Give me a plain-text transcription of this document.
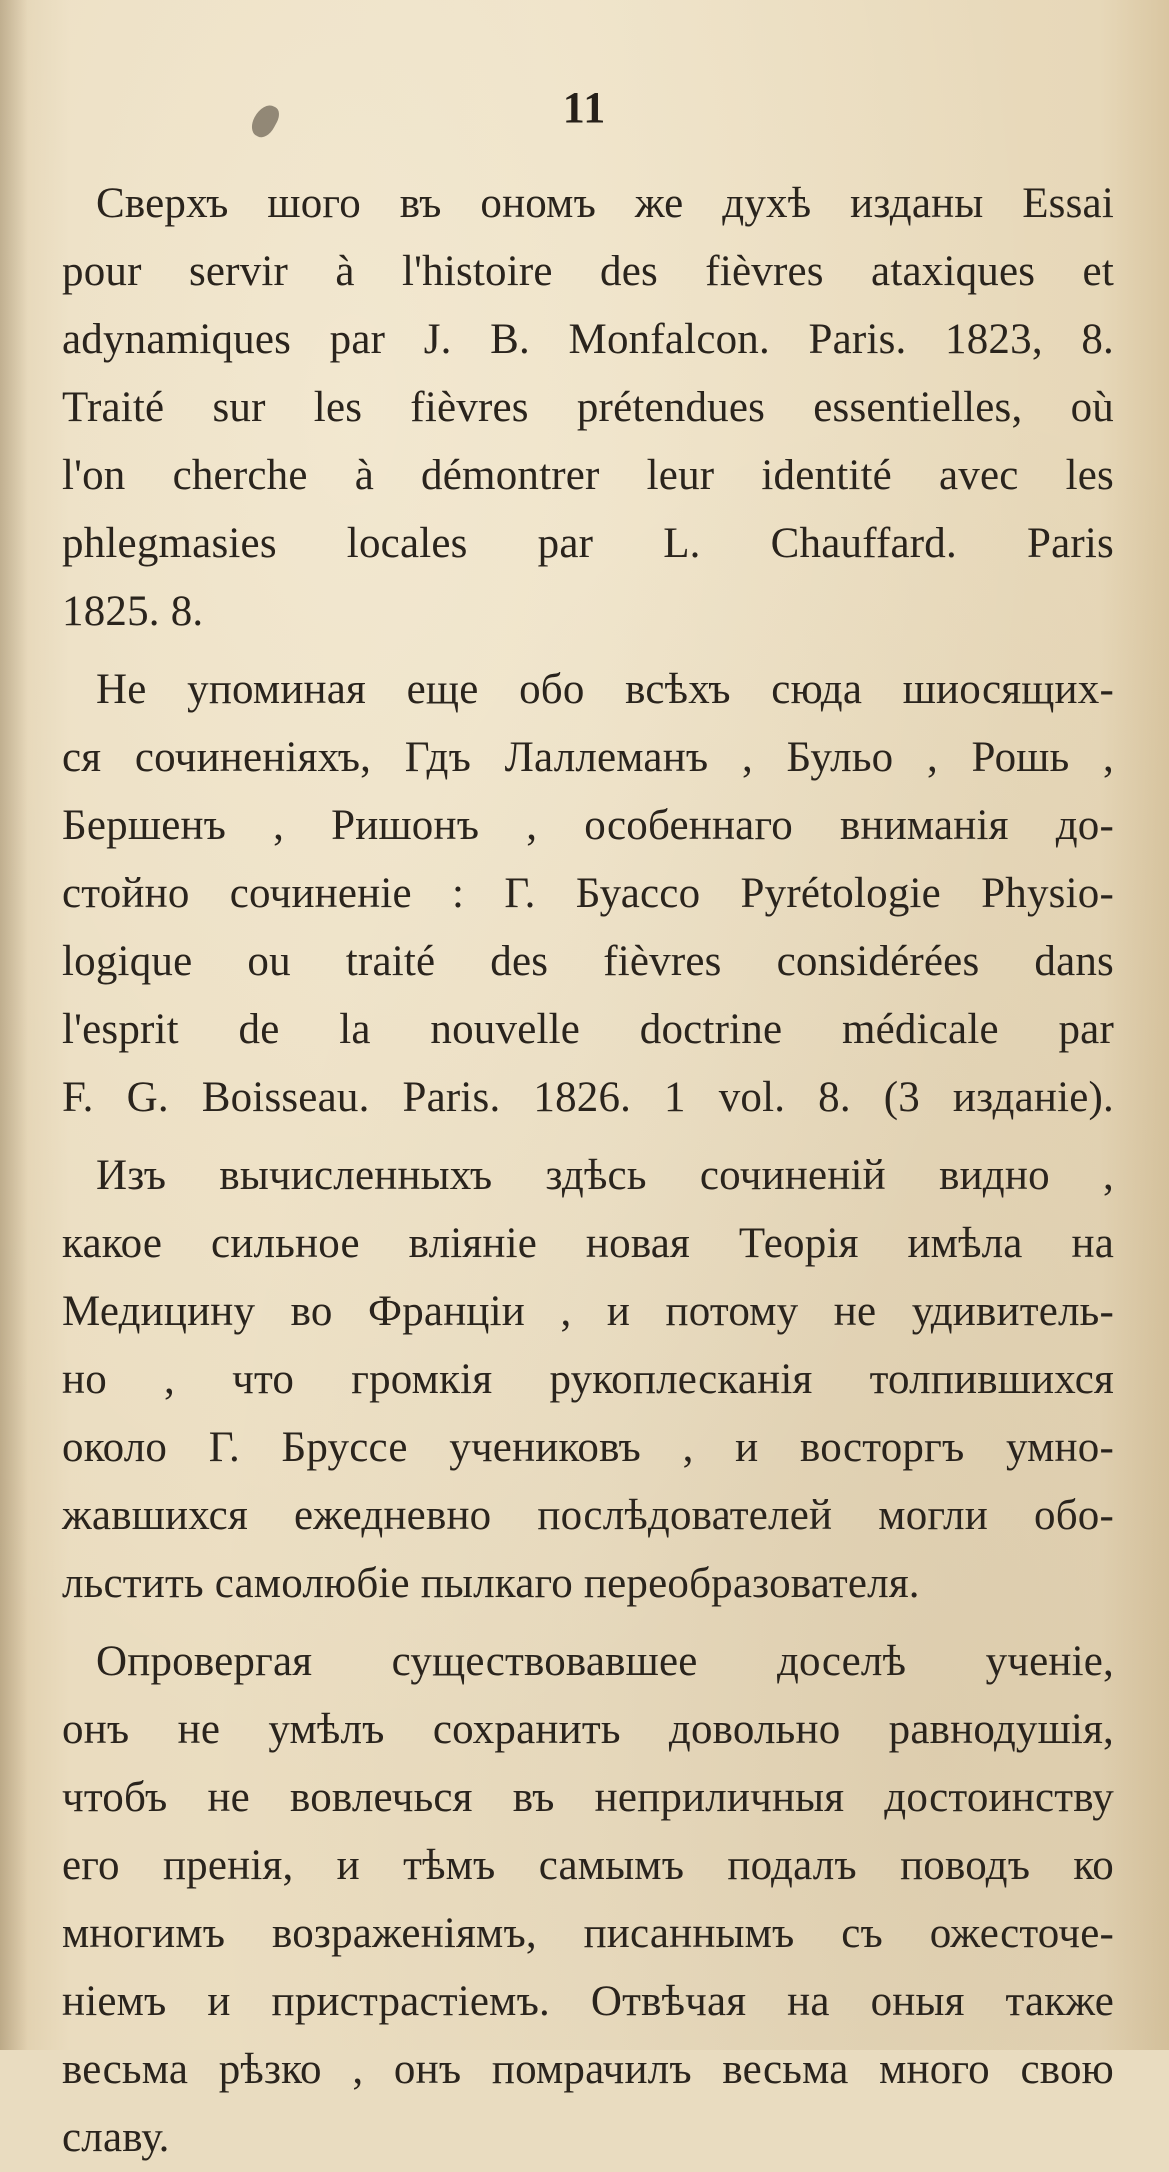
11
Сверхъ шого въ ономъ же духѣ изданы Essai
pour servir à l'histoire des fièvres ataxiques et
adynamiques par J. B. Monfalcon. Paris. 1823, 8.
Traité sur les fièvres prétendues essentielles, où
l'on cherche à démontrer leur identité avec les
phlegmasies locales par L. Chauffard. Paris
1825. 8.
Не упоминая еще обо всѣхъ сюда шиосящих-
ся сочиненiяхъ, Гдъ Лаллеманъ , Бульо , Рошь ,
Бершенъ , Ришонъ , особеннаго вниманiя до-
стойно сочиненie : Г. Буассо Pyrétologie Physio-
logique ou traité des fièvres considérées dans
l'esprit de la nouvelle doctrine médicale par
F. G. Boisseau. Paris. 1826. 1 vol. 8. (3 изданie).
Изъ вычисленныхъ здѣсь сочиненiй видно ,
какое сильное влiянie новая Теорiя имѣла на
Медицину во Францiи , и потому не удивитель-
но , что громкiя рукоплесканiя толпившихся
около Г. Бруссе учениковъ , и восторгъ умно-
жавшихся ежедневно послѣдователей могли обо-
льстить самолюбie пылкаго переобразователя.
Опровергая существовавшее доселѣ ученie,
онъ не умѣлъ сохранить довольно равнодушiя,
чтобъ не вовлечься въ неприличныя достоинству
его пренiя, и тѣмъ самымъ подалъ поводъ ко
многимъ возраженiямъ, писаннымъ съ ожесточе-
нieмъ и пристрастieмъ. Отвѣчая на оныя также
весьма рѣзко , онъ помрачилъ весьма много свою
славу.
